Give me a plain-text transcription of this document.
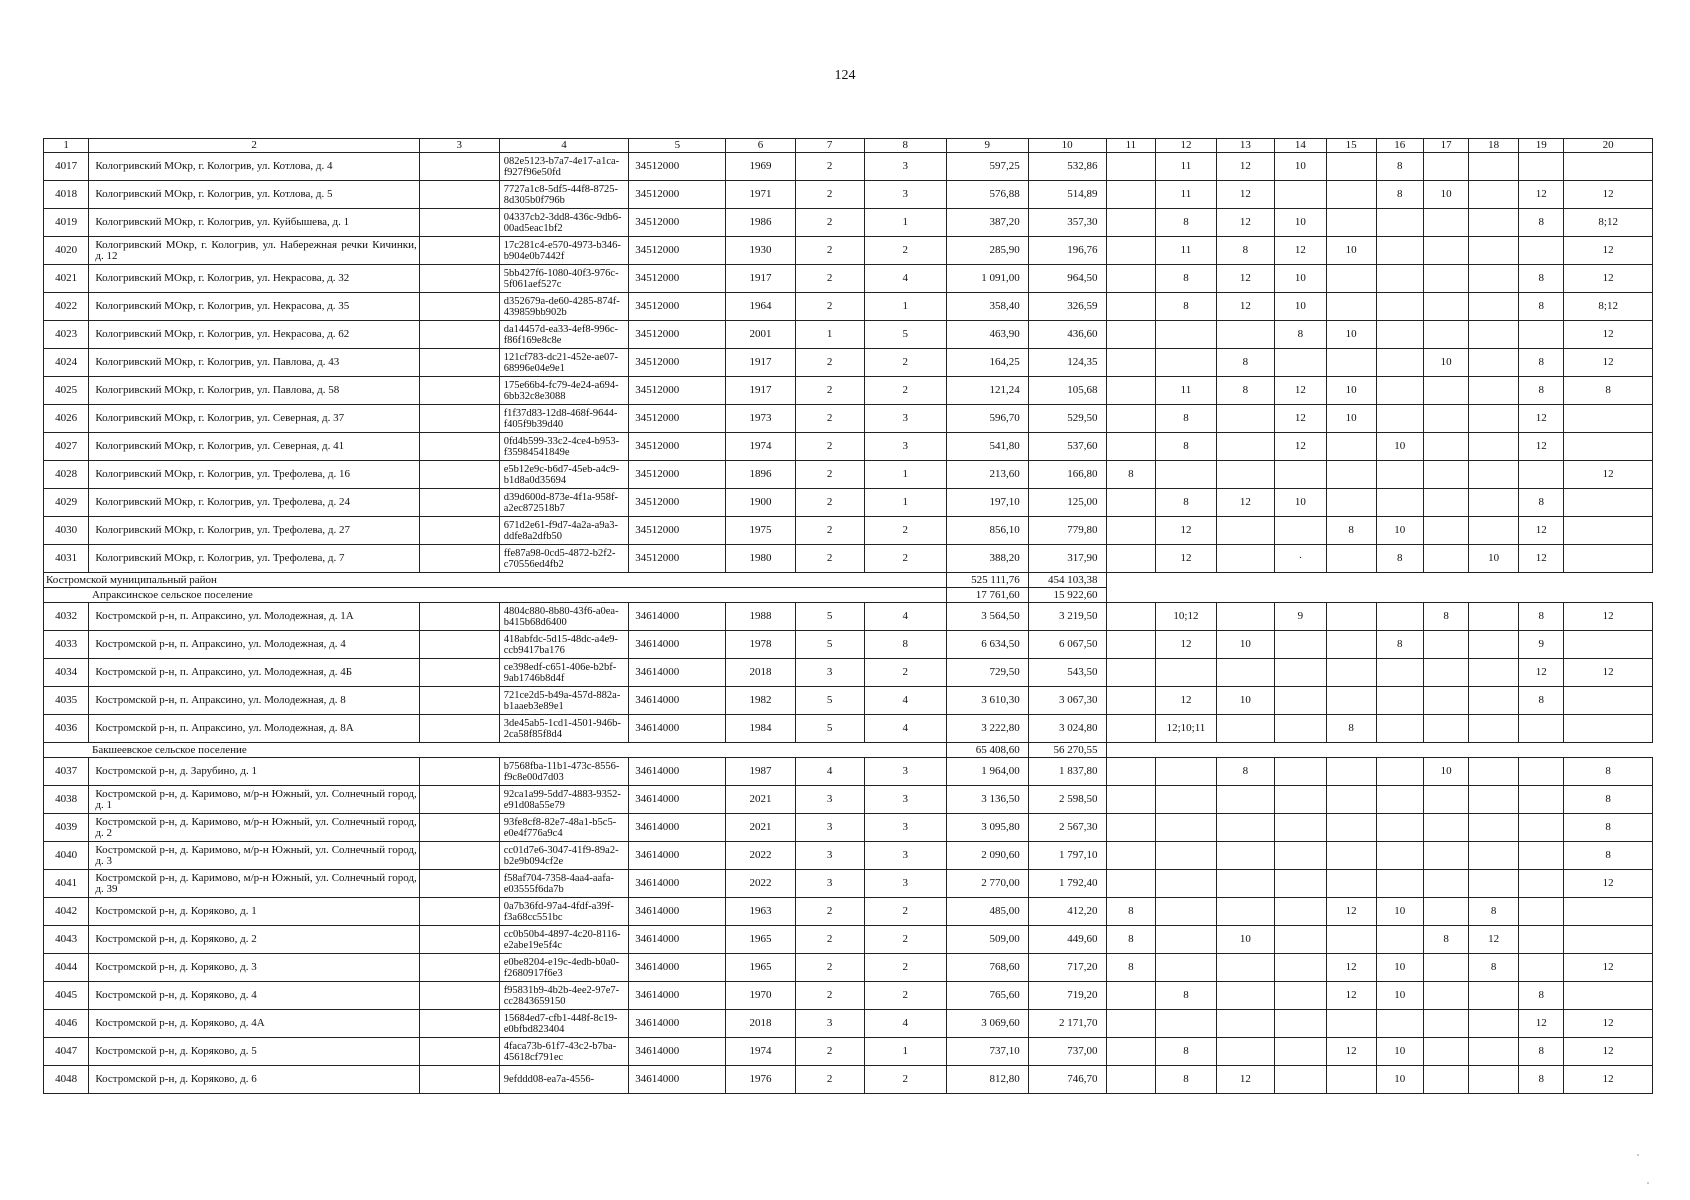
124
1	2	3	4	5	6	7	8	9	10	11	12	13	14	15	16	17	18	19	20
4017	Кологривский МОкр, г. Кологрив, ул. Котлова, д. 4		082e5123-b7a7-4e17-a1ca-f927f96e50fd	34512000	1969	2	3	597,25	532,86		11	12	10		8				
4018	Кологривский МОкр, г. Кологрив, ул. Котлова, д. 5		7727a1c8-5df5-44f8-8725-8d305b0f796b	34512000	1971	2	3	576,88	514,89		11	12			8	10		12	12
4019	Кологривский МОкр, г. Кологрив, ул. Куйбышева, д. 1		04337cb2-3dd8-436c-9db6-00ad5eac1bf2	34512000	1986	2	1	387,20	357,30		8	12	10					8	8;12
4020	Кологривский МОкр, г. Кологрив, ул. Набережная речки Кичинки, д. 12		17c281c4-e570-4973-b346-b904e0b7442f	34512000	1930	2	2	285,90	196,76		11	8	12	10					12
4021	Кологривский МОкр, г. Кологрив, ул. Некрасова, д. 32		5bb427f6-1080-40f3-976c-5f061aef527c	34512000	1917	2	4	1 091,00	964,50		8	12	10					8	12
4022	Кологривский МОкр, г. Кологрив, ул. Некрасова, д. 35		d352679a-de60-4285-874f-439859bb902b	34512000	1964	2	1	358,40	326,59		8	12	10					8	8;12
4023	Кологривский МОкр, г. Кологрив, ул. Некрасова, д. 62		da14457d-ea33-4ef8-996c-f86f169e8c8e	34512000	2001	1	5	463,90	436,60				8	10					12
4024	Кологривский МОкр, г. Кологрив, ул. Павлова, д. 43		121cf783-dc21-452e-ae07-68996e04e9e1	34512000	1917	2	2	164,25	124,35			8				10		8	12
4025	Кологривский МОкр, г. Кологрив, ул. Павлова, д. 58		175e66b4-fc79-4e24-a694-6bb32c8e3088	34512000	1917	2	2	121,24	105,68		11	8	12	10				8	8
4026	Кологривский МОкр, г. Кологрив, ул. Северная, д. 37		f1f37d83-12d8-468f-9644-f405f9b39d40	34512000	1973	2	3	596,70	529,50		8		12	10				12	
4027	Кологривский МОкр, г. Кологрив, ул. Северная, д. 41		0fd4b599-33c2-4ce4-b953-f35984541849e	34512000	1974	2	3	541,80	537,60		8		12		10			12	
4028	Кологривский МОкр, г. Кологрив, ул. Трефолева, д. 16		e5b12e9c-b6d7-45eb-a4c9-b1d8a0d35694	34512000	1896	2	1	213,60	166,80	8									12
4029	Кологривский МОкр, г. Кологрив, ул. Трефолева, д. 24		d39d600d-873e-4f1a-958f-a2ec872518b7	34512000	1900	2	1	197,10	125,00		8	12	10					8	
4030	Кологривский МОкр, г. Кологрив, ул. Трефолева, д. 27		671d2e61-f9d7-4a2a-a9a3-ddfe8a2dfb50	34512000	1975	2	2	856,10	779,80		12			8	10			12	
4031	Кологривский МОкр, г. Кологрив, ул. Трефолева, д. 7		ffe87a98-0cd5-4872-b2f2-c70556ed4fb2	34512000	1980	2	2	388,20	317,90		12		·		8		10	12	
Костромской муниципальный район								525 111,76	454 103,38										
Апраксинское сельское поселение								17 761,60	15 922,60										
4032	Костромской р-н, п. Апраксино, ул. Молодежная, д. 1А		4804c880-8b80-43f6-a0ea-b415b68d6400	34614000	1988	5	4	3 564,50	3 219,50		10;12		9			8		8	12
4033	Костромской р-н, п. Апраксино, ул. Молодежная, д. 4		418abfdc-5d15-48dc-a4e9-ccb9417ba176	34614000	1978	5	8	6 634,50	6 067,50		12	10			8			9	
4034	Костромской р-н, п. Апраксино, ул. Молодежная, д. 4Б		ce398edf-c651-406e-b2bf-9ab1746b8d4f	34614000	2018	3	2	729,50	543,50									12	12
4035	Костромской р-н, п. Апраксино, ул. Молодежная, д. 8		721ce2d5-b49a-457d-882a-b1aaeb3e89e1	34614000	1982	5	4	3 610,30	3 067,30		12	10						8	
4036	Костромской р-н, п. Апраксино, ул. Молодежная, д. 8А		3de45ab5-1cd1-4501-946b-2ca58f85f8d4	34614000	1984	5	4	3 222,80	3 024,80		12;10;11			8					
Бакшеевское сельское поселение								65 408,60	56 270,55										
4037	Костромской р-н, д. Зарубино, д. 1		b7568fba-11b1-473c-8556-f9c8e00d7d03	34614000	1987	4	3	1 964,00	1 837,80			8				10			8
4038	Костромской р-н, д. Каримово, м/р-н Южный, ул. Солнечный город, д. 1		92ca1a99-5dd7-4883-9352-e91d08a55e79	34614000	2021	3	3	3 136,50	2 598,50										8
4039	Костромской р-н, д. Каримово, м/р-н Южный, ул. Солнечный город, д. 2		93fe8cf8-82e7-48a1-b5c5-e0e4f776a9c4	34614000	2021	3	3	3 095,80	2 567,30										8
4040	Костромской р-н, д. Каримово, м/р-н Южный, ул. Солнечный город, д. 3		cc01d7e6-3047-41f9-89a2-b2e9b094cf2e	34614000	2022	3	3	2 090,60	1 797,10										8
4041	Костромской р-н, д. Каримово, м/р-н Южный, ул. Солнечный город, д. 39		f58af704-7358-4aa4-aafa-e03555f6da7b	34614000	2022	3	3	2 770,00	1 792,40										12
4042	Костромской р-н, д. Коряково, д. 1		0a7b36fd-97a4-4fdf-a39f-f3a68cc551bc	34614000	1963	2	2	485,00	412,20	8				12	10		8		
4043	Костромской р-н, д. Коряково, д. 2		cc0b50b4-4897-4c20-8116-e2abe19e5f4c	34614000	1965	2	2	509,00	449,60	8		10				8	12		
4044	Костромской р-н, д. Коряково, д. 3		e0be8204-e19c-4edb-b0a0-f2680917f6e3	34614000	1965	2	2	768,60	717,20	8				12	10		8		12
4045	Костромской р-н, д. Коряково, д. 4		f95831b9-4b2b-4ee2-97e7-cc2843659150	34614000	1970	2	2	765,60	719,20		8			12	10			8	
4046	Костромской р-н, д. Коряково, д. 4А		15684ed7-cfb1-448f-8c19-e0bfbd823404	34614000	2018	3	4	3 069,60	2 171,70									12	12
4047	Костромской р-н, д. Коряково, д. 5		4faca73b-61f7-43c2-b7ba-45618cf791ec	34614000	1974	2	1	737,10	737,00		8			12	10			8	12
4048	Костромской р-н, д. Коряково, д. 6		9efddd08-ea7a-4556-	34614000	1976	2	2	812,80	746,70		8	12			10			8	12
